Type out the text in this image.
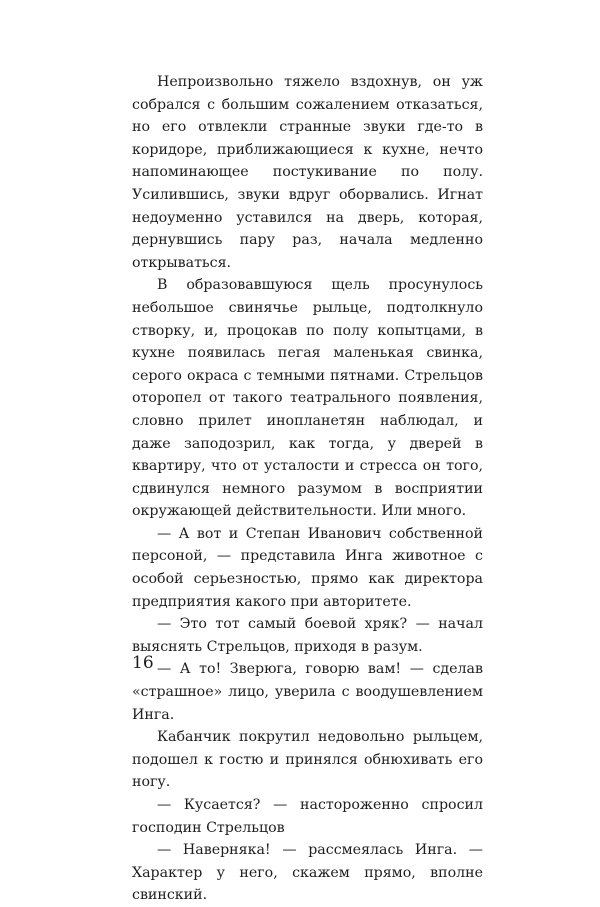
Непроизвольно тяжело вздохнув, он уж собрался с большим сожалением отказаться, но его отвлекли странные звуки где-то в коридоре, приближающиеся к кухне, нечто напоминающее постукивание по полу. Усилившись, звуки вдруг оборвались. Игнат недоуменно уставился на дверь, которая, дернувшись пару раз, начала медленно открываться.

В образовавшуюся щель просунулось небольшое свинячье рыльце, подтолкнуло створку, и, процокав по полу копытцами, в кухне появилась пегая маленькая свинка, серого окраса с темными пятнами. Стрельцов оторопел от такого театрального появления, словно прилет инопланетян наблюдал, и даже заподозрил, как тогда, у дверей в квартиру, что от усталости и стресса он того, сдвинулся немного разумом в восприятии окружающей действительности. Или много.

— А вот и Степан Иванович собственной персоной, — представила Инга животное с особой серьезностью, прямо как директора предприятия какого при авторитете.

— Это тот самый боевой хряк? — начал выяснять Стрельцов, приходя в разум.

— А то! Зверюга, говорю вам! — сделав «страшное» лицо, уверила с воодушевлением Инга.

Кабанчик покрутил недовольно рыльцем, подошел к гостю и принялся обнюхивать его ногу.

— Кусается? — настороженно спросил господин Стрельцов

— Наверняка! — рассмеялась Инга. — Характер у него, скажем прямо, вполне свинский.

16
